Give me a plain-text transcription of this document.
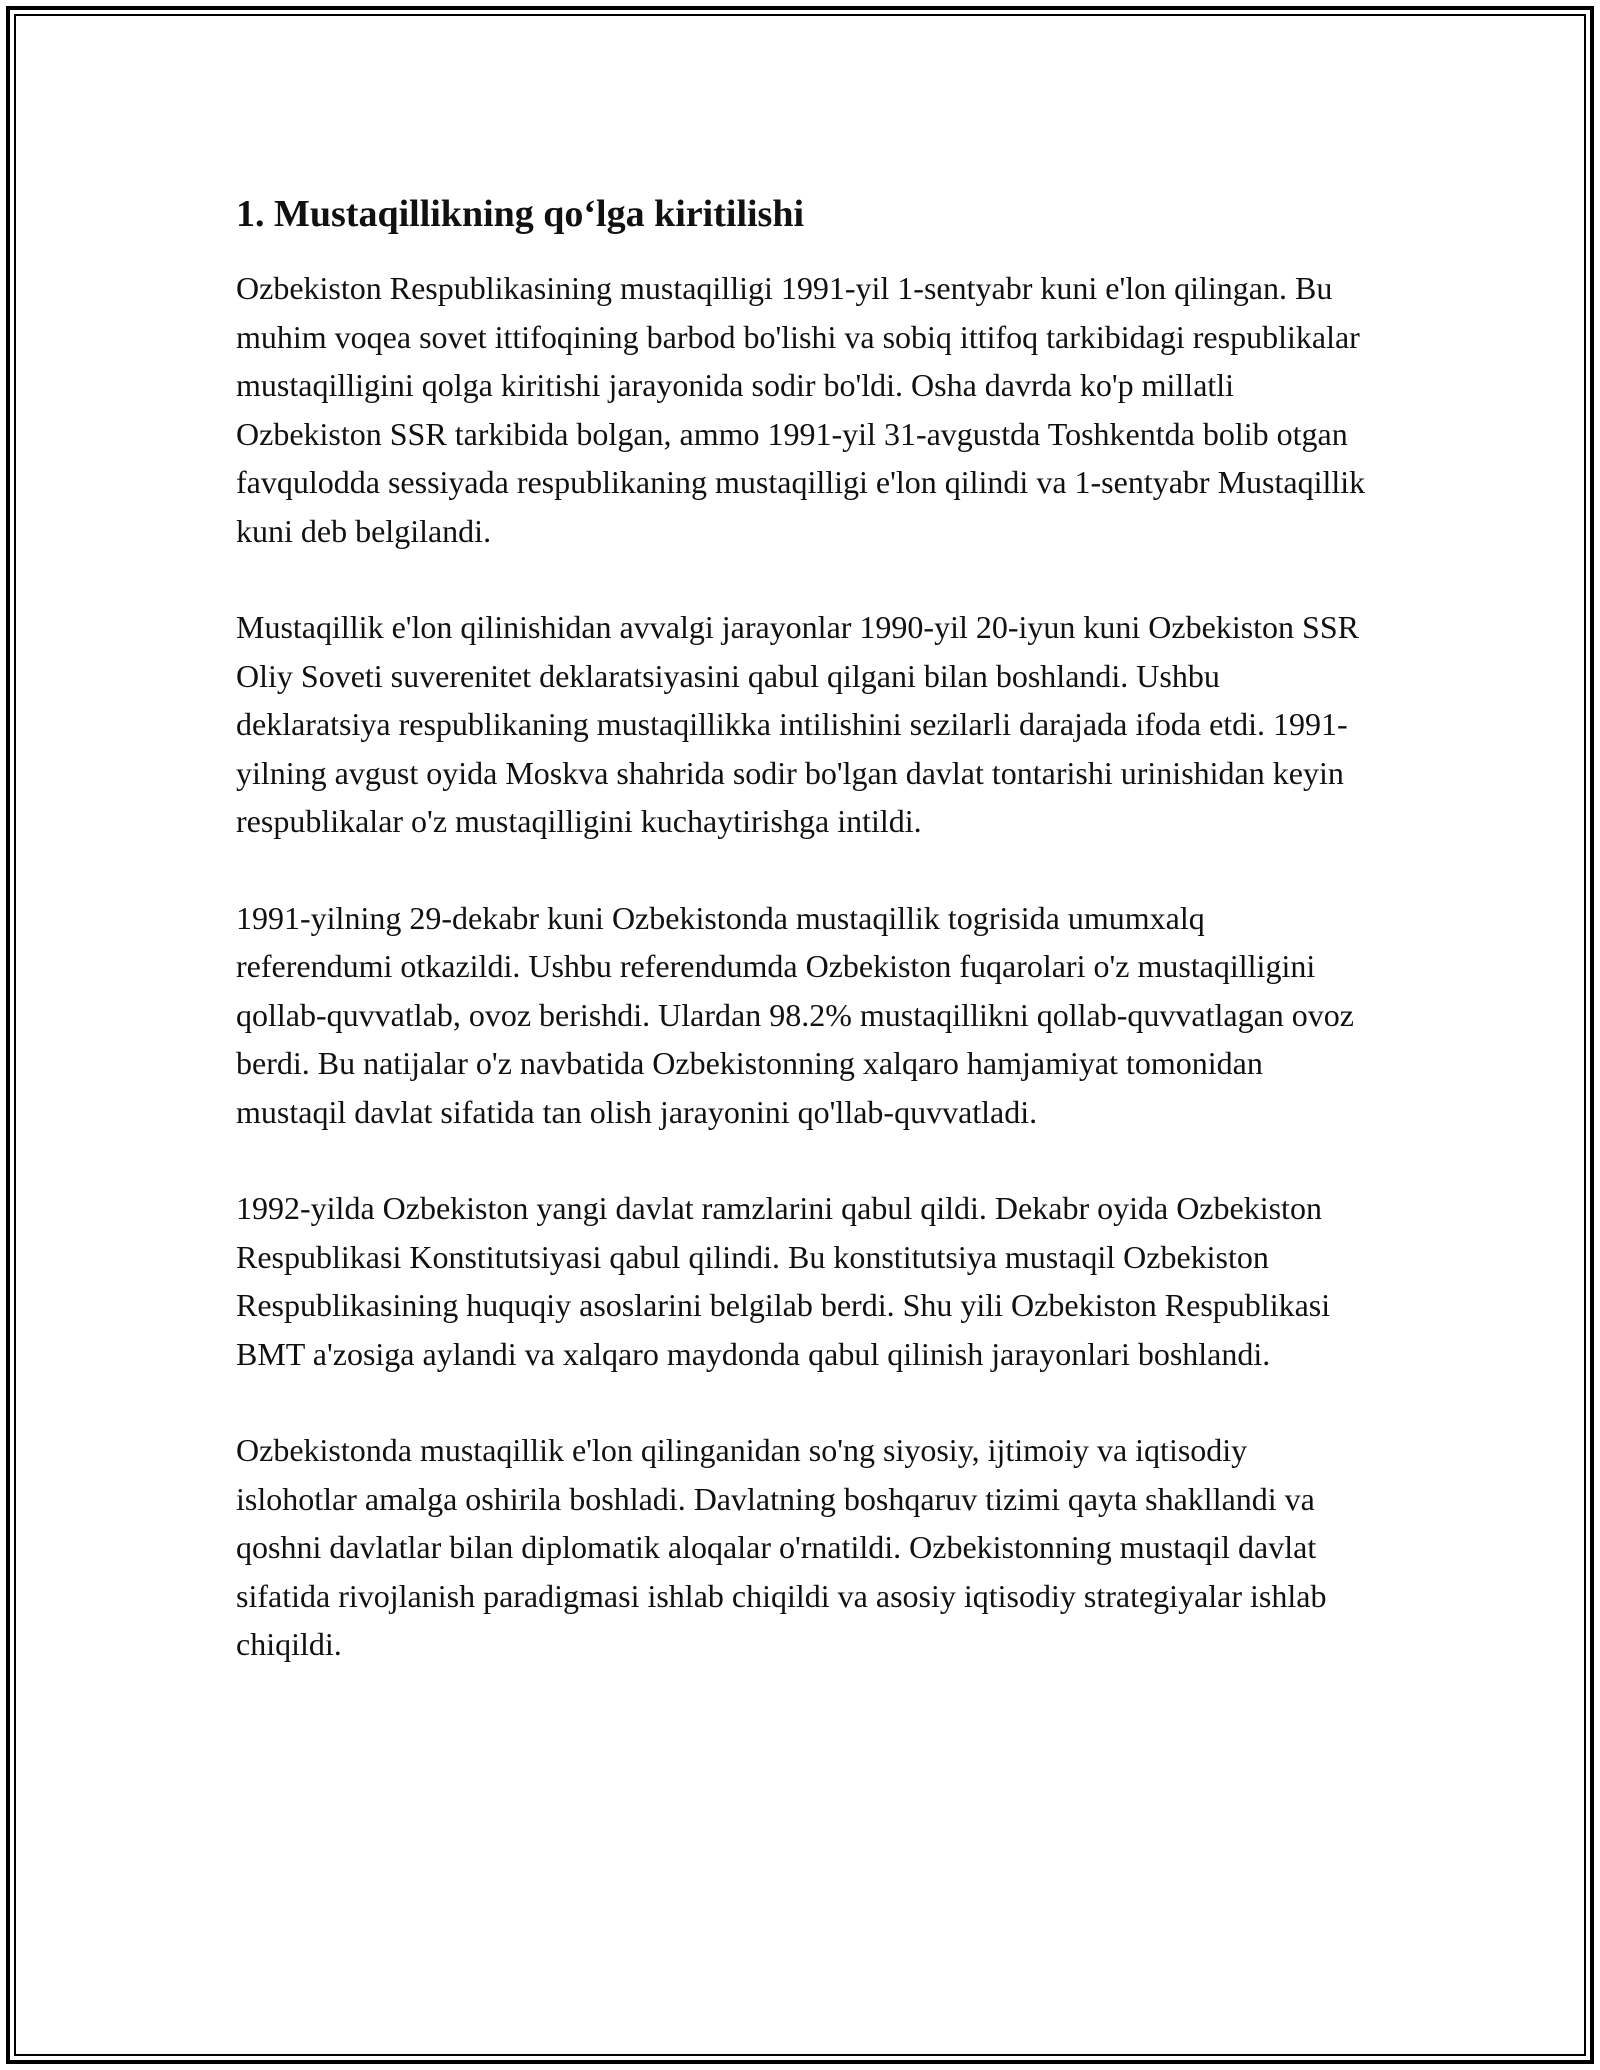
1. Mustaqillikning qo‘lga kiritilishi

Ozbekiston Respublikasining mustaqilligi 1991-yil 1-sentyabr kuni e'lon qilingan. Bu muhim voqea sovet ittifoqining barbod bo'lishi va sobiq ittifoq tarkibidagi respublikalar mustaqilligini qolga kiritishi jarayonida sodir bo'ldi. Osha davrda ko'p millatli Ozbekiston SSR tarkibida bolgan, ammo 1991-yil 31-avgustda Toshkentda bolib otgan favqulodda sessiyada respublikaning mustaqilligi e'lon qilindi va 1-sentyabr Mustaqillik kuni deb belgilandi.

Mustaqillik e'lon qilinishidan avvalgi jarayonlar 1990-yil 20-iyun kuni Ozbekiston SSR Oliy Soveti suverenitet deklaratsiyasini qabul qilgani bilan boshlandi. Ushbu deklaratsiya respublikaning mustaqillikka intilishini sezilarli darajada ifoda etdi. 1991-yilning avgust oyida Moskva shahrida sodir bo'lgan davlat tontarishi urinishidan keyin respublikalar o'z mustaqilligini kuchaytirishga intildi.

1991-yilning 29-dekabr kuni Ozbekistonda mustaqillik togrisida umumxalq referendumi otkazildi. Ushbu referendumda Ozbekiston fuqarolari o'z mustaqilligini qollab-quvvatlab, ovoz berishdi. Ulardan 98.2% mustaqillikni qollab-quvvatlagan ovoz berdi. Bu natijalar o'z navbatida Ozbekistonning xalqaro hamjamiyat tomonidan mustaqil davlat sifatida tan olish jarayonini qo'llab-quvvatladi.

1992-yilda Ozbekiston yangi davlat ramzlarini qabul qildi. Dekabr oyida Ozbekiston Respublikasi Konstitutsiyasi qabul qilindi. Bu konstitutsiya mustaqil Ozbekiston Respublikasining huquqiy asoslarini belgilab berdi. Shu yili Ozbekiston Respublikasi BMT a'zosiga aylandi va xalqaro maydonda qabul qilinish jarayonlari boshlandi.

Ozbekistonda mustaqillik e'lon qilinganidan so'ng siyosiy, ijtimoiy va iqtisodiy islohotlar amalga oshirila boshladi. Davlatning boshqaruv tizimi qayta shakllandi va qoshni davlatlar bilan diplomatik aloqalar o'rnatildi. Ozbekistonning mustaqil davlat sifatida rivojlanish paradigmasi ishlab chiqildi va asosiy iqtisodiy strategiyalar ishlab chiqildi.
